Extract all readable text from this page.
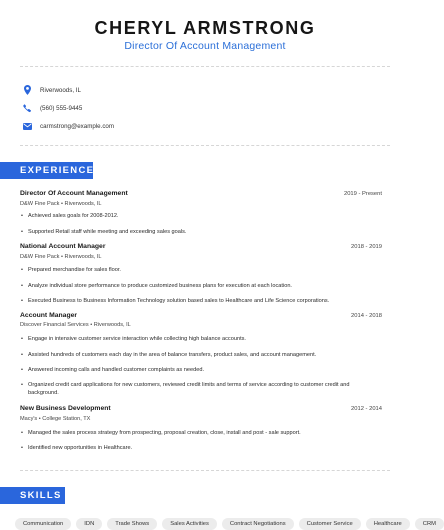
CHERYL ARMSTRONG
Director Of Account Management
Riverwoods, IL
(560) 555-9445
carmstrong@example.com
EXPERIENCE
Director Of Account Management	2019 - Present
D&W Fine Pack • Riverwoods, IL
• Achieved sales goals for 2008-2012.
• Supported Retail staff while meeting and exceeding sales goals.
National Account Manager	2018 - 2019
D&W Fine Pack • Riverwoods, IL
• Prepared merchandise for sales floor.
• Analyze individual store performance to produce customized business plans for execution at each location.
• Executed Business to Business Information Technology solution based sales to Healthcare and Life Science corporations.
Account Manager	2014 - 2018
Discover Financial Services • Riverwoods, IL
• Engage in intensive customer service interaction while collecting high balance accounts.
• Assisted hundreds of customers each day in the area of balance transfers, product sales, and account management.
• Answered incoming calls and handled customer complaints as needed.
• Organized credit card applications for new customers, reviewed credit limits and terms of service according to customer credit and background.
New Business Development	2012 - 2014
Macy's • College Station, TX
• Managed the sales process strategy from prospecting, proposal creation, close, install and post - sale support.
• Identified new opportunities in Healthcare.
SKILLS
Communication	IDN	Trade Shows	Sales Activities	Contract Negotiations	Customer Service	Healthcare	CRM
